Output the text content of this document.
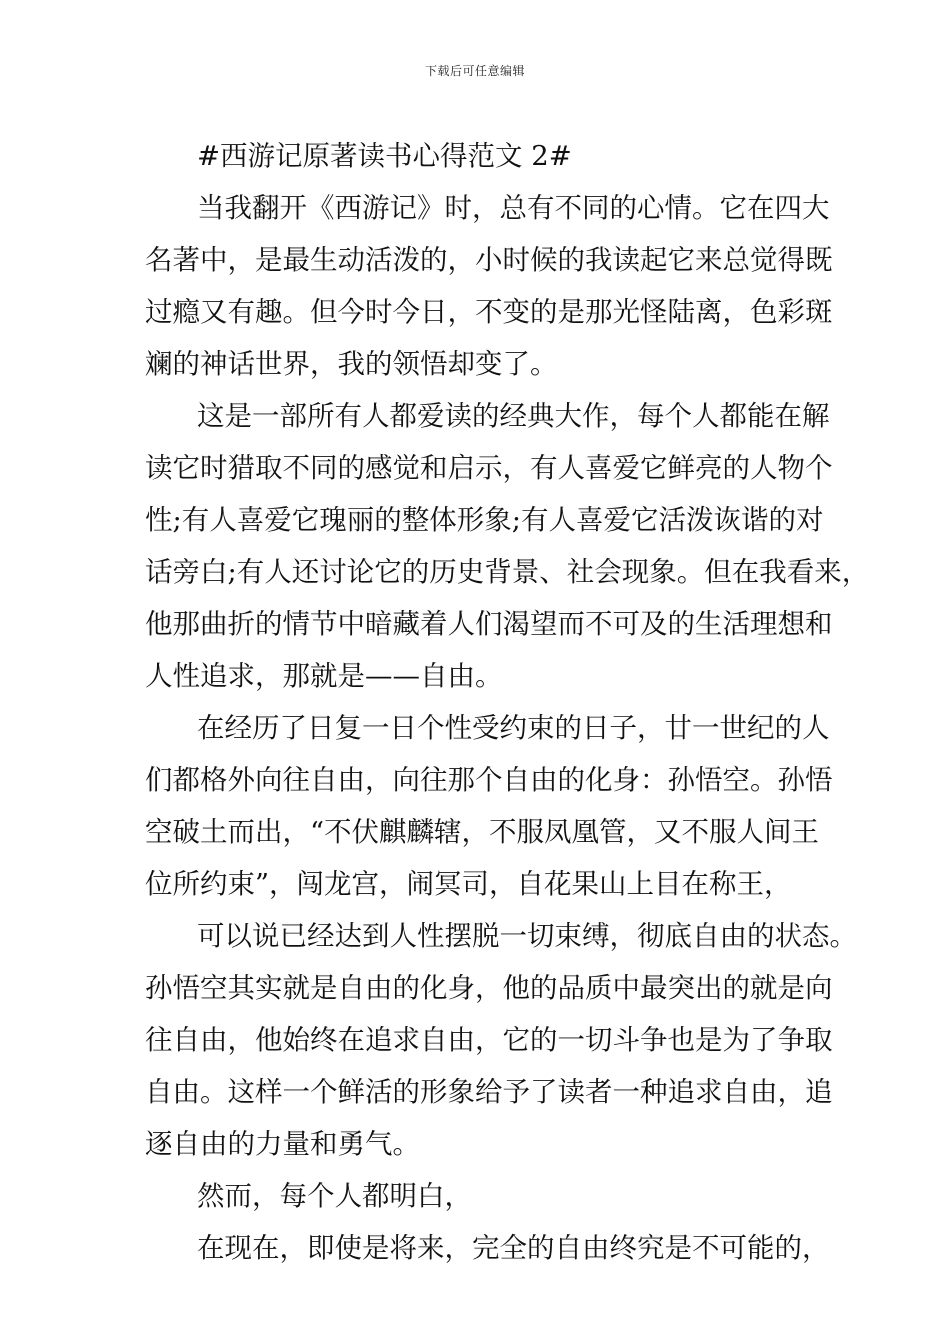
下载后可任意编辑
#西游记原著读书心得范文 2#
当我翻开《西游记》时，总有不同的心情。它在四大
名著中，是最生动活泼的，小时候的我读起它来总觉得既
过瘾又有趣。但今时今日，不变的是那光怪陆离，色彩斑
斓的神话世界，我的领悟却变了。
这是一部所有人都爱读的经典大作，每个人都能在解
读它时猎取不同的感觉和启示，有人喜爱它鲜亮的人物个
性;有人喜爱它瑰丽的整体形象;有人喜爱它活泼诙谐的对
话旁白;有人还讨论它的历史背景、社会现象。但在我看来，
他那曲折的情节中暗藏着人们渴望而不可及的生活理想和
人性追求，那就是——自由。
在经历了日复一日个性受约束的日子，廿一世纪的人
们都格外向往自由，向往那个自由的化身：孙悟空。孙悟
空破土而出，“不伏麒麟辖，不服凤凰管，又不服人间王
位所约束”，闯龙宫，闹冥司，自花果山上目在称王，
可以说已经达到人性摆脱一切束缚，彻底自由的状态。
孙悟空其实就是自由的化身，他的品质中最突出的就是向
往自由，他始终在追求自由，它的一切斗争也是为了争取
自由。这样一个鲜活的形象给予了读者一种追求自由，追
逐自由的力量和勇气。
然而，每个人都明白，
在现在，即使是将来，完全的自由终究是不可能的，
